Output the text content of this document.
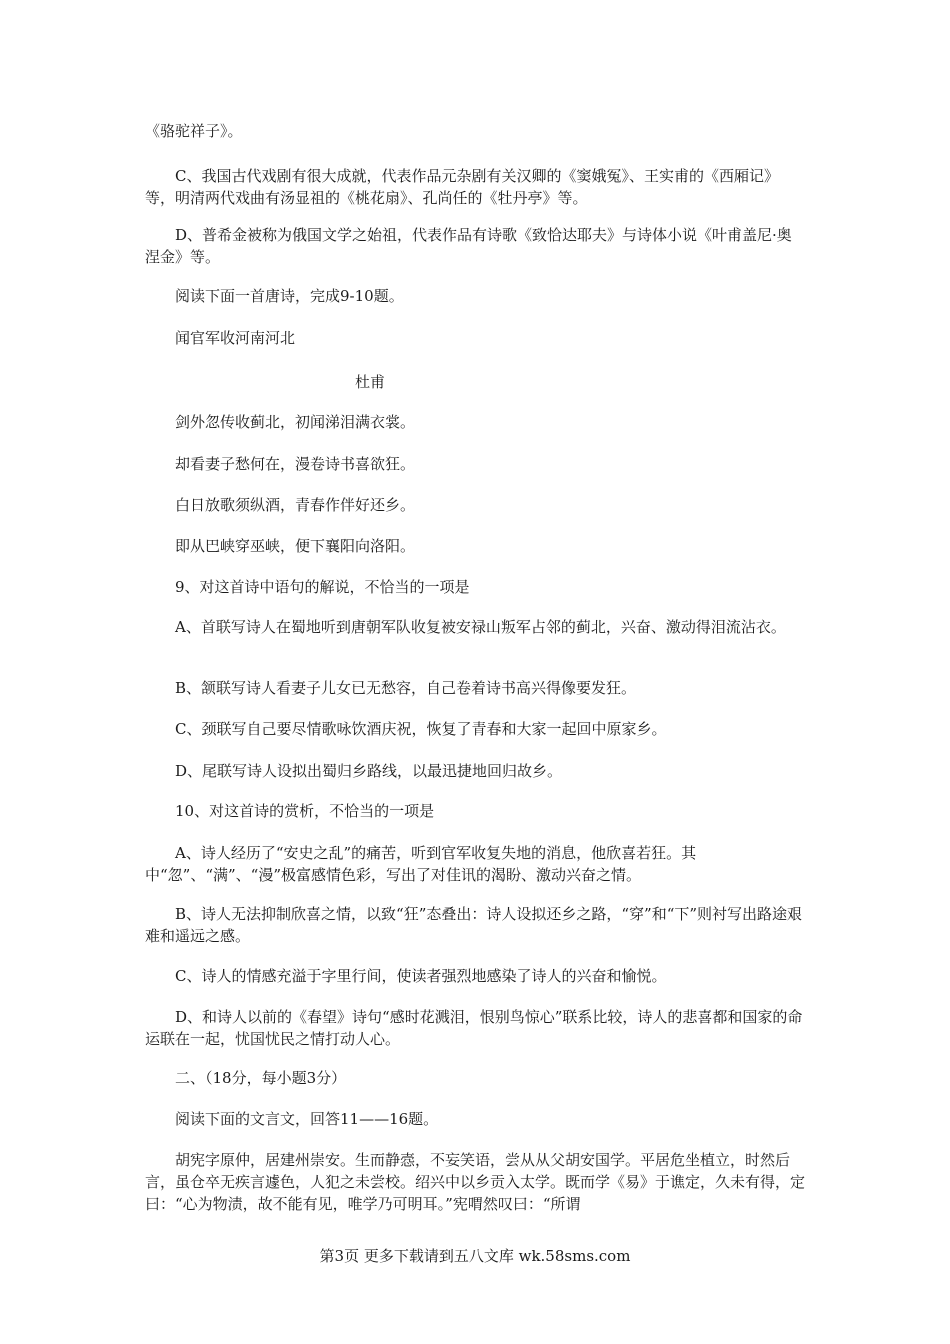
《骆驼祥子》。

C、我国古代戏剧有很大成就，代表作品元杂剧有关汉卿的《窦娥冤》、王实甫的《西厢记》等，明清两代戏曲有汤显祖的《桃花扇》、孔尚任的《牡丹亭》等。

D、普希金被称为俄国文学之始祖，代表作品有诗歌《致恰达耶夫》与诗体小说《叶甫盖尼·奥涅金》等。

阅读下面一首唐诗，完成9-10题。

闻官军收河南河北

杜甫

剑外忽传收蓟北，初闻涕泪满衣裳。

却看妻子愁何在，漫卷诗书喜欲狂。

白日放歌须纵酒，青春作伴好还乡。

即从巴峡穿巫峡，便下襄阳向洛阳。

9、对这首诗中语句的解说，不恰当的一项是

A、首联写诗人在蜀地听到唐朝军队收复被安禄山叛军占邻的蓟北，兴奋、激动得泪流沾衣。

B、颔联写诗人看妻子儿女已无愁容，自己卷着诗书高兴得像要发狂。

C、颈联写自己要尽情歌咏饮酒庆祝，恢复了青春和大家一起回中原家乡。

D、尾联写诗人设拟出蜀归乡路线，以最迅捷地回归故乡。

10、对这首诗的赏析，不恰当的一项是

A、诗人经历了“安史之乱”的痛苦，听到官军收复失地的消息，他欣喜若狂。其中“忽”、“满”、“漫”极富感情色彩，写出了对佳讯的渴盼、激动兴奋之情。

B、诗人无法抑制欣喜之情，以致“狂”态叠出：诗人设拟还乡之路，“穿”和“下”则衬写出路途艰难和遥远之感。

C、诗人的情感充溢于字里行间，使读者强烈地感染了诗人的兴奋和愉悦。

D、和诗人以前的《春望》诗句“感时花溅泪，恨别鸟惊心”联系比较，诗人的悲喜都和国家的命运联在一起，忧国忧民之情打动人心。

二、（18分，每小题3分）

阅读下面的文言文，回答11——16题。

胡宪字原仲，居建州崇安。生而静悫，不妄笑语，尝从从父胡安国学。平居危坐植立，时然后言，虽仓卒无疾言遽色，人犯之未尝校。绍兴中以乡贡入太学。既而学《易》于谯定，久未有得，定曰：“心为物渍，故不能有见，唯学乃可明耳。”宪喟然叹曰：“所谓

第3页 更多下载请到五八文库 wk.58sms.com
